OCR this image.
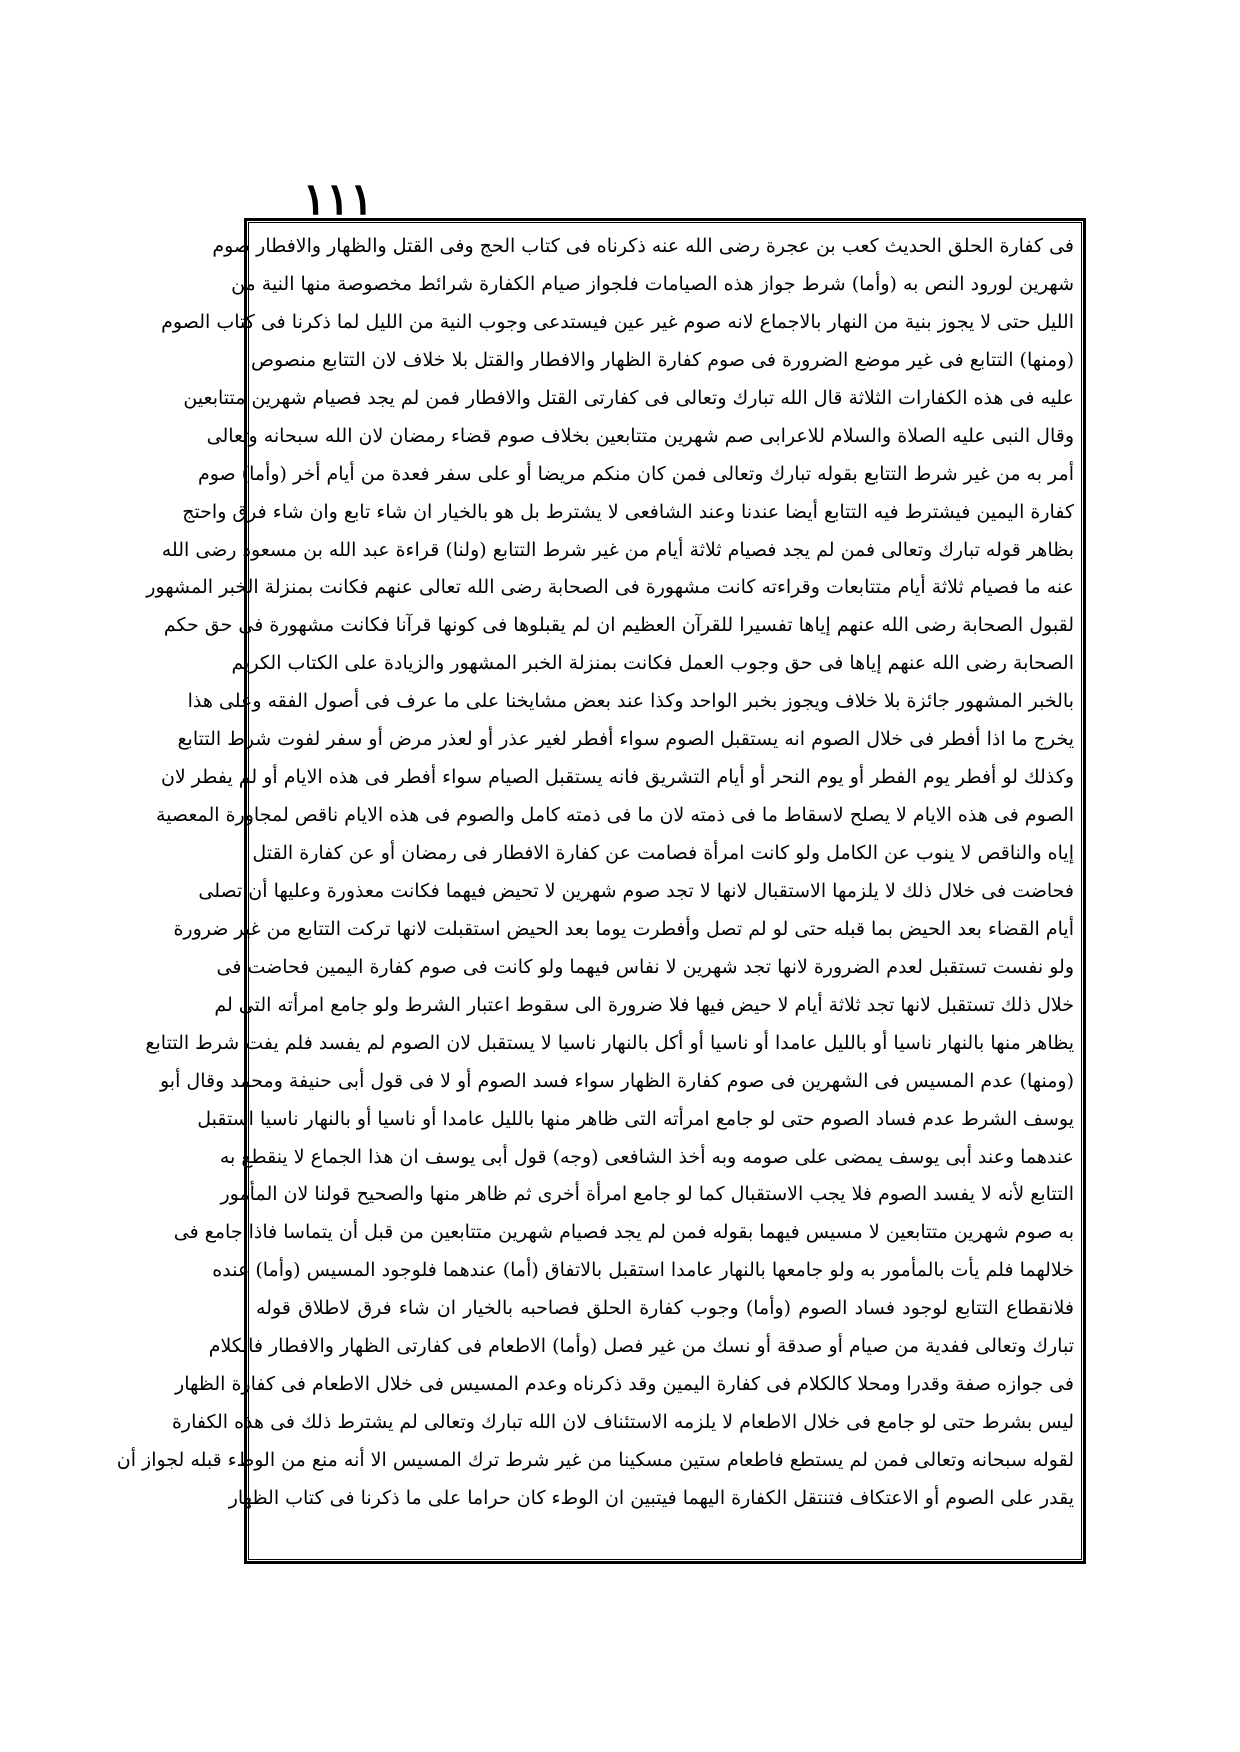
١١١
فى كفارة الحلق الحديث كعب بن عجرة رضى الله عنه ذكرناه فى كتاب الحج وفى القتل والظهار والافطار صوم
شهرين لورود النص به (وأما) شرط جواز هذه الصيامات فلجواز صيام الكفارة شرائط مخصوصة منها النية من
الليل حتى لا يجوز بنية من النهار بالاجماع لانه صوم غير عين فيستدعى وجوب النية من الليل لما ذكرنا فى كتاب الصوم
(ومنها) التتابع فى غير موضع الضرورة فى صوم كفارة الظهار والافطار والقتل بلا خلاف لان التتابع منصوص
عليه فى هذه الكفارات الثلاثة قال الله تبارك وتعالى فى كفارتى القتل والافطار فمن لم يجد فصيام شهرين متتابعين
وقال النبى عليه الصلاة والسلام للاعرابى صم شهرين متتابعين بخلاف صوم قضاء رمضان لان الله سبحانه وتعالى
أمر به من غير شرط التتابع بقوله تبارك وتعالى فمن كان منكم مريضا أو على سفر فعدة من أيام أخر (وأما) صوم
كفارة اليمين فيشترط فيه التتابع أيضا عندنا وعند الشافعى لا يشترط بل هو بالخيار ان شاء تابع وان شاء فرق واحتج
بظاهر قوله تبارك وتعالى فمن لم يجد فصيام ثلاثة أيام من غير شرط التتابع (ولنا) قراءة عبد الله بن مسعود رضى الله
عنه ما فصيام ثلاثة أيام متتابعات وقراءته كانت مشهورة فى الصحابة رضى الله تعالى عنهم فكانت بمنزلة الخبر المشهور
لقبول الصحابة رضى الله عنهم إياها تفسيرا للقرآن العظيم ان لم يقبلوها فى كونها قرآنا فكانت مشهورة فى حق حكم
الصحابة رضى الله عنهم إياها فى حق وجوب العمل فكانت بمنزلة الخبر المشهور والزيادة على الكتاب الكريم
بالخبر المشهور جائزة بلا خلاف ويجوز بخبر الواحد وكذا عند بعض مشايخنا على ما عرف فى أصول الفقه وعلى هذا
يخرج ما اذا أفطر فى خلال الصوم انه يستقبل الصوم سواء أفطر لغير عذر أو لعذر مرض أو سفر لفوت شرط التتابع
وكذلك لو أفطر يوم الفطر أو يوم النحر أو أيام التشريق فانه يستقبل الصيام سواء أفطر فى هذه الايام أو لم يفطر لان
الصوم فى هذه الايام لا يصلح لاسقاط ما فى ذمته لان ما فى ذمته كامل والصوم فى هذه الايام ناقص لمجاورة المعصية
إياه والناقص لا ينوب عن الكامل ولو كانت امرأة فصامت عن كفارة الافطار فى رمضان أو عن كفارة القتل
فحاضت فى خلال ذلك لا يلزمها الاستقبال لانها لا تجد صوم شهرين لا تحيض فيهما فكانت معذورة وعليها أن تصلى
أيام القضاء بعد الحيض بما قبله حتى لو لم تصل وأفطرت يوما بعد الحيض استقبلت لانها تركت التتابع من غير ضرورة
ولو نفست تستقبل لعدم الضرورة لانها تجد شهرين لا نفاس فيهما ولو كانت فى صوم كفارة اليمين فحاضت فى
خلال ذلك تستقبل لانها تجد ثلاثة أيام لا حيض فيها فلا ضرورة الى سقوط اعتبار الشرط ولو جامع امرأته التى لم
يظاهر منها بالنهار ناسيا أو بالليل عامدا أو ناسيا أو أكل بالنهار ناسيا لا يستقبل لان الصوم لم يفسد فلم يفت شرط التتابع
(ومنها) عدم المسيس فى الشهرين فى صوم كفارة الظهار سواء فسد الصوم أو لا فى قول أبى حنيفة ومحمد وقال أبو
يوسف الشرط عدم فساد الصوم حتى لو جامع امرأته التى ظاهر منها بالليل عامدا أو ناسيا أو بالنهار ناسيا استقبل
عندهما وعند أبى يوسف يمضى على صومه وبه أخذ الشافعى (وجه) قول أبى يوسف ان هذا الجماع لا ينقطع به
التتابع لأنه لا يفسد الصوم فلا يجب الاستقبال كما لو جامع امرأة أخرى ثم ظاهر منها والصحيح قولنا لان المأمور
به صوم شهرين متتابعين لا مسيس فيهما بقوله فمن لم يجد فصيام شهرين متتابعين من قبل أن يتماسا فاذا جامع فى
خلالهما فلم يأت بالمأمور به ولو جامعها بالنهار عامدا استقبل بالاتفاق (أما) عندهما فلوجود المسيس (وأما) عنده
فلانقطاع التتابع لوجود فساد الصوم (وأما) وجوب كفارة الحلق فصاحبه بالخيار ان شاء فرق لاطلاق قوله
تبارك وتعالى ففدية من صيام أو صدقة أو نسك من غير فصل (وأما) الاطعام فى كفارتى الظهار والافطار فالكلام
فى جوازه صفة وقدرا ومحلا كالكلام فى كفارة اليمين وقد ذكرناه وعدم المسيس فى خلال الاطعام فى كفارة الظهار
ليس بشرط حتى لو جامع فى خلال الاطعام لا يلزمه الاستئناف لان الله تبارك وتعالى لم يشترط ذلك فى هذه الكفارة
لقوله سبحانه وتعالى فمن لم يستطع فاطعام ستين مسكينا من غير شرط ترك المسيس الا أنه منع من الوطء قبله لجواز أن
يقدر على الصوم أو الاعتكاف فتنتقل الكفارة اليهما فيتبين ان الوطء كان حراما على ما ذكرنا فى كتاب الظهار
